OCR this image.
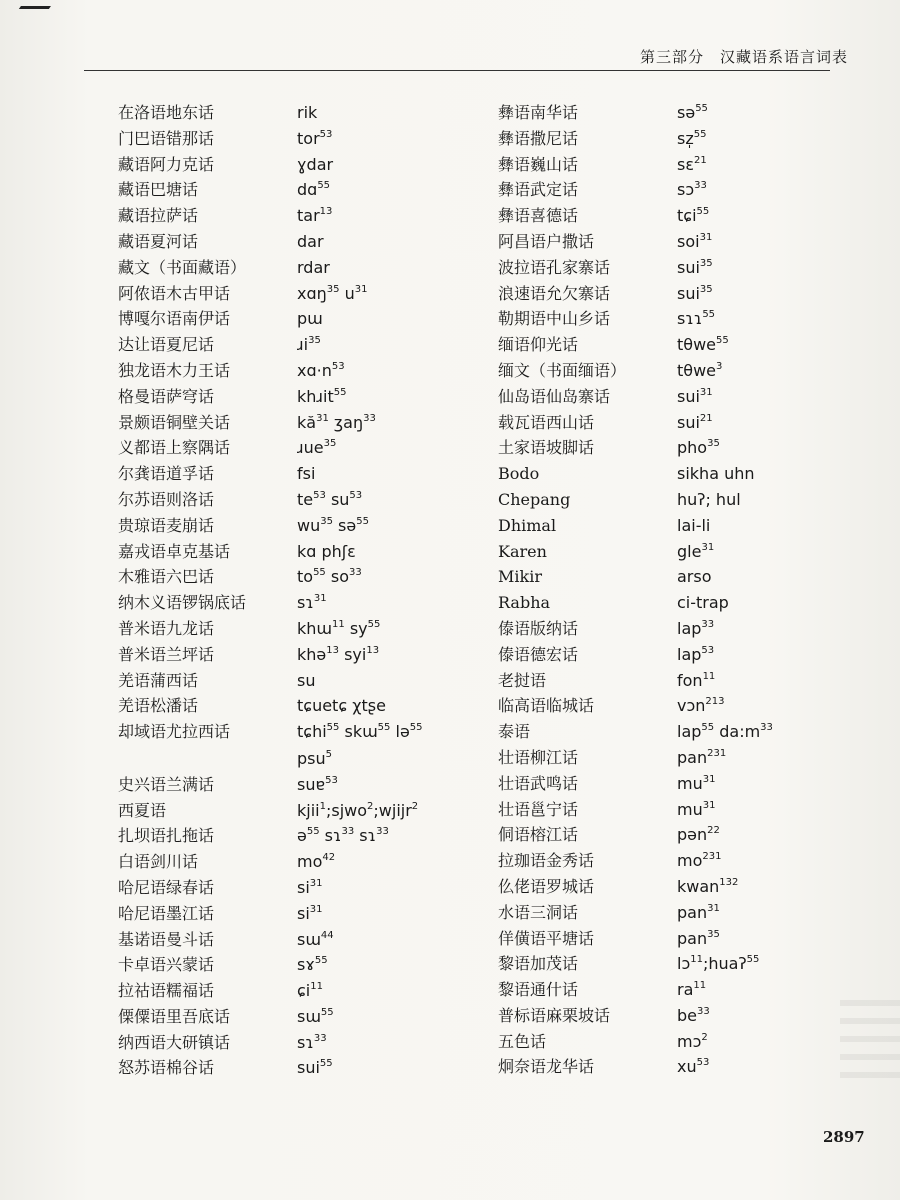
第三部分 汉藏语系语言词表
在洛语地东话
门巴语错那话
藏语阿力克话
藏语巴塘话
藏语拉萨话
藏语夏河话
藏文（书面藏语）
阿侬语木古甲话
博嘎尔语南伊话
达让语夏尼话
独龙语木力王话
格曼语萨穹话
景颇语铜壁关话
义都语上察隅话
尔龚语道孚话
尔苏语则洛话
贵琼语麦崩话
嘉戎语卓克基话
木雅语六巴话
纳木义语锣锅底话
普米语九龙话
普米语兰坪话
羌语蒲西话
羌语松潘话
却域语尤拉西话
史兴语兰满话
西夏语
扎坝语扎拖话
白语剑川话
哈尼语绿春话
哈尼语墨江话
基诺语曼斗话
卡卓语兴蒙话
拉祜语糯福话
傈僳语里吾底话
纳西语大研镇话
怒苏语棉谷话
rik
tor$^{53}$
ɣdar
dɑ$^{55}$
tar$^{13}$
dar
rdar
xɑŋ$^{35}$ $u^{31}$
pɯ
ɹi$^{35}$
$xɑ\cdot n^{53}$
khɹit$^{55}$
$kă^{31}$ ʒaŋ$^{33}$
ɹue$^{35}$
fsi
$te^{53}$ $su^{53}$
$wu^{35}$ sə$^{55}$
kɑ phʃɛ
$to^{55}$ $so^{33}$
sɿ$^{31}$
khɯ$^{11}$ $sy^{55}$
khə$^{13}$ syi$^{13}$
su
tɕuetɕ χtʂe
tɕhi$^{55}$ skɯ$^{55}$ lə$^{55}$
psu$^5$
suɐ$^{53}$
kjii$^1$;sjwo$^2$;wjijr$^2$
ə$^{55}$ sɿ$^{33}$ sɿ$^{33}$
$mo^{42}$
$si^{31}$
$si^{31}$
sɯ$^{44}$
sɤ$^{55}$
ɕi$^{11}$
sɯ$^{55}$
sɿ$^{33}$
sui$^{55}$
彝语南华话
彝语撒尼话
彝语巍山话
彝语武定话
彝语喜德话
阿昌语户撒话
波拉语孔家寨话
浪速语允欠寨话
勒期语中山乡话
缅语仰光话
缅文（书面缅语）
仙岛语仙岛寨话
载瓦语西山话
土家语坡脚话
Bodo
Chepang
Dhimal
Karen
Mikir
Rabha
傣语版纳话
傣语德宏话
老挝语
临高语临城话
泰语
壮语柳江话
壮语武鸣话
壮语邕宁话
侗语榕江话
拉珈语金秀话
仫佬语罗城话
水语三洞话
佯僙语平塘话
黎语加茂话
黎语通什话
普标语麻栗坡话
五色话
炯奈语龙华话
sə$^{55}$
sz̩$^{55}$
sɛ$^{21}$
sɔ$^{33}$
tɕi$^{55}$
soi$^{31}$
sui$^{35}$
sui$^{35}$
sɿɿ$^{55}$
tθwe$^{55}$
tθwe$^3$
sui$^{31}$
sui$^{21}$
pho$^{35}$
sikha uhn
huʔ; hul
lai-li
gle$^{31}$
arso
ci-trap
lap$^{33}$
lap$^{53}$
fon$^{11}$
vɔn$^{213}$
lap$^{55}$ $da:m^{33}$
pan$^{231}$
$mu^{31}$
$mu^{31}$
pən$^{22}$
$mo^{231}$
kwan$^{132}$
pan$^{31}$
pan$^{35}$
lɔ$^{11}$;huaʔ$^{55}$
$ra^{11}$
$be^{33}$
mɔ$^2$
$xu^{53}$
2897
